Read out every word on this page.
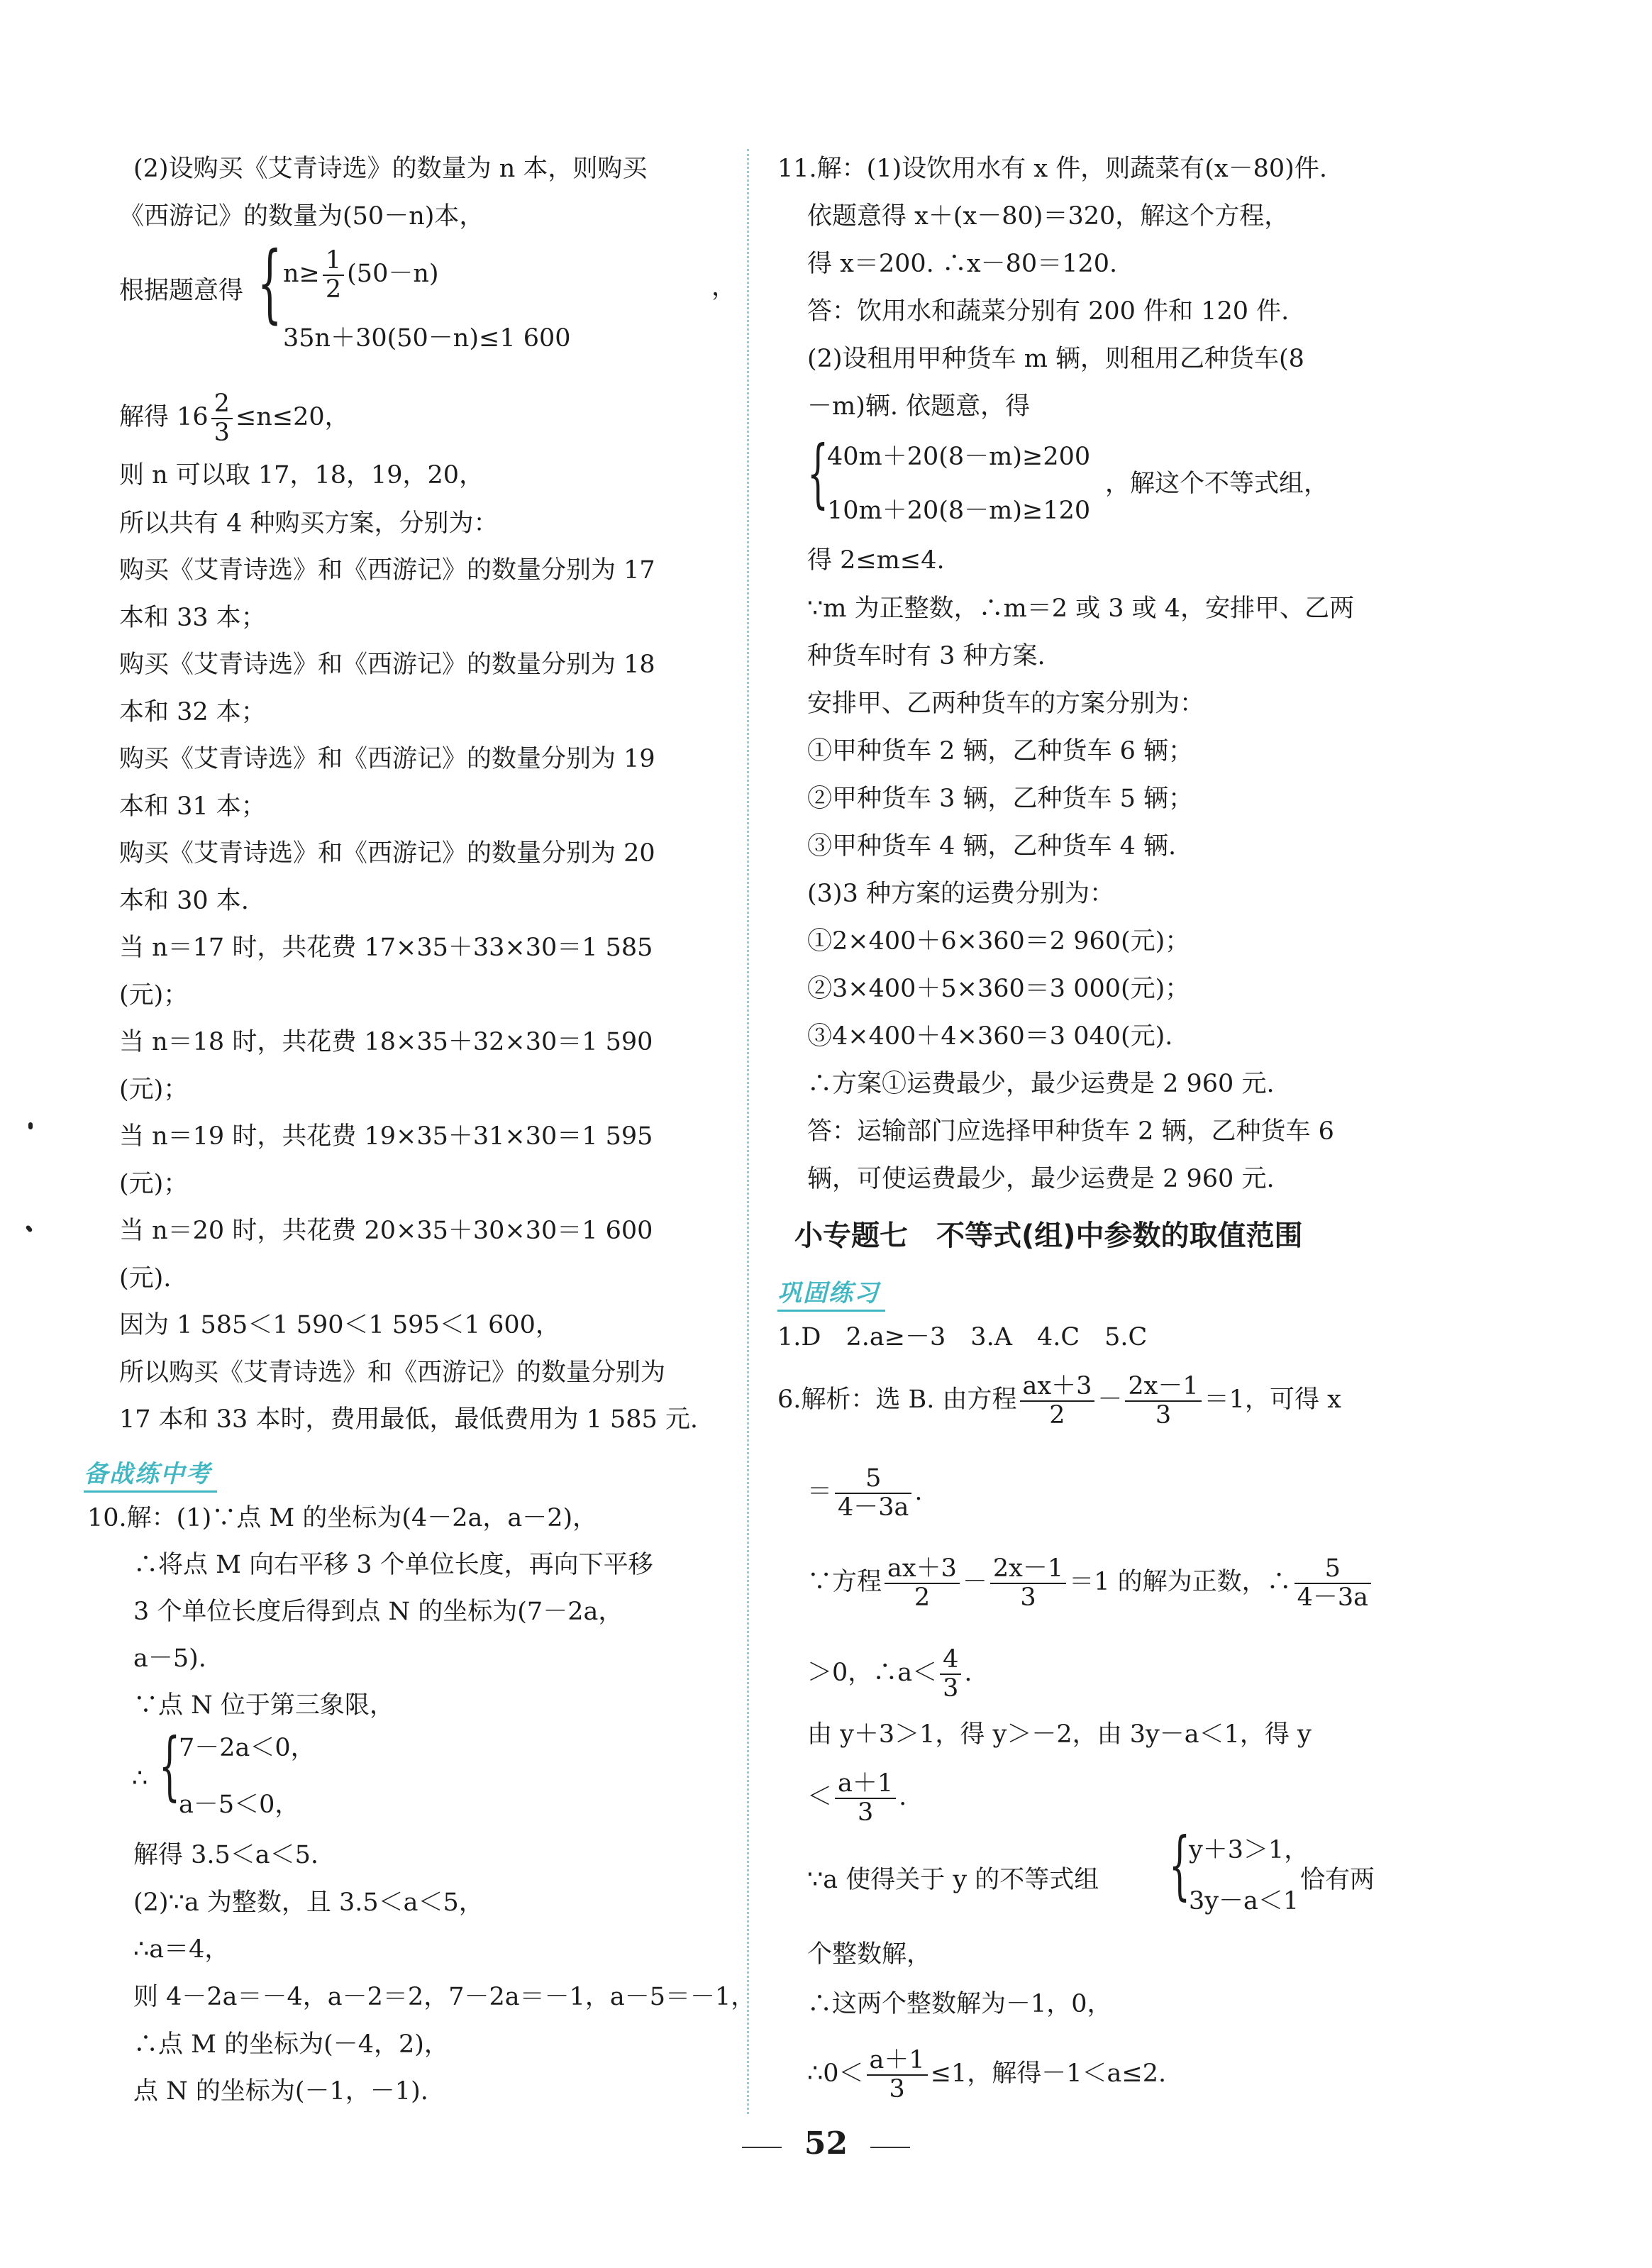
(2)设购买《艾青诗选》的数量为 n 本，则购买
《西游记》的数量为(50－n)本，
根据题意得 { $n\ge \frac{1}{2} (50-n)$
35n＋30(50－n)≤1 600
，
解得 $16 \frac{2}{3} \le n\le 20$，
则 n 可以取 17，18，19，20，
所以共有 4 种购买方案，分别为：
购买《艾青诗选》和《西游记》的数量分别为 17
本和 33 本；
购买《艾青诗选》和《西游记》的数量分别为 18
本和 32 本；
购买《艾青诗选》和《西游记》的数量分别为 19
本和 31 本；
购买《艾青诗选》和《西游记》的数量分别为 20
本和 30 本.
当 n＝17 时，共花费 17×35＋33×30＝1 585
(元)；
当 n＝18 时，共花费 18×35＋32×30＝1 590
(元)；
当 n＝19 时，共花费 19×35＋31×30＝1 595
(元)；
当 n＝20 时，共花费 20×35＋30×30＝1 600
(元).
因为 1 585＜1 590＜1 595＜1 600，
所以购买《艾青诗选》和《西游记》的数量分别为
17 本和 33 本时，费用最低，最低费用为 1 585 元.
备战练中考
10.解：(1)∵点 M 的坐标为(4－2a，a－2)，
∴将点 M 向右平移 3 个单位长度，再向下平移
3 个单位长度后得到点 N 的坐标为(7－2a，
a－5).
∵点 N 位于第三象限，
∴ {
7－2a＜0，
a－5＜0，
解得 3.5＜a＜5.
(2)∵a 为整数，且 3.5＜a＜5，
∴a＝4，
则 4－2a＝－4，a－2＝2，7－2a＝－1，a－5＝－1，
∴点 M 的坐标为(－4，2)，
点 N 的坐标为(－1，－1).
11.解：(1)设饮用水有 x 件，则蔬菜有(x－80)件.
依题意得 x＋(x－80)＝320，解这个方程，
得 x＝200. ∴x－80＝120.
答：饮用水和蔬菜分别有 200 件和 120 件.
(2)设租用甲种货车 m 辆，则租用乙种货车(8
－m)辆. 依题意，得
{
40m＋20(8－m)≥200
10m＋20(8－m)≥120
，解这个不等式组，
得 2≤m≤4.
∵m 为正整数，∴m＝2 或 3 或 4，安排甲、乙两
种货车时有 3 种方案.
安排甲、乙两种货车的方案分别为：
①甲种货车 2 辆，乙种货车 6 辆；
②甲种货车 3 辆，乙种货车 5 辆；
③甲种货车 4 辆，乙种货车 4 辆.
(3)3 种方案的运费分别为：
①2×400＋6×360＝2 960(元)；
②3×400＋5×360＝3 000(元)；
③4×400＋4×360＝3 040(元).
∴方案①运费最少，最少运费是 2 960 元.
答：运输部门应选择甲种货车 2 辆，乙种货车 6
辆，可使运费最少，最少运费是 2 960 元.
小专题七　不等式(组)中参数的取值范围
巩固练习
1.D　2.a≥－3　3.A　4.C　5.C
6.解析：选 B. 由方程 $\frac{ax+3}{2} - \frac{2x-1}{3} =1$，可得 x
＝ $\frac{5}{4-3a}$ .
∵方程 $\frac{ax+3}{2} - \frac{2x-1}{3} =1$ 的解为正数，∴ $\frac{5}{4-3a}$
＞0，∴a＜ $\frac{4}{3}$ .
由 y＋3＞1，得 y＞－2，由 3y－a＜1，得 y
＜ $\frac{a+1}{3}$ .
∵a 使得关于 y 的不等式组 {
y＋3＞1，
3y－a＜1
恰有两
个整数解，
∴这两个整数解为－1，0，
∴0＜ $\frac{a+1}{3} \le 1$，解得－1＜a≤2.
52
